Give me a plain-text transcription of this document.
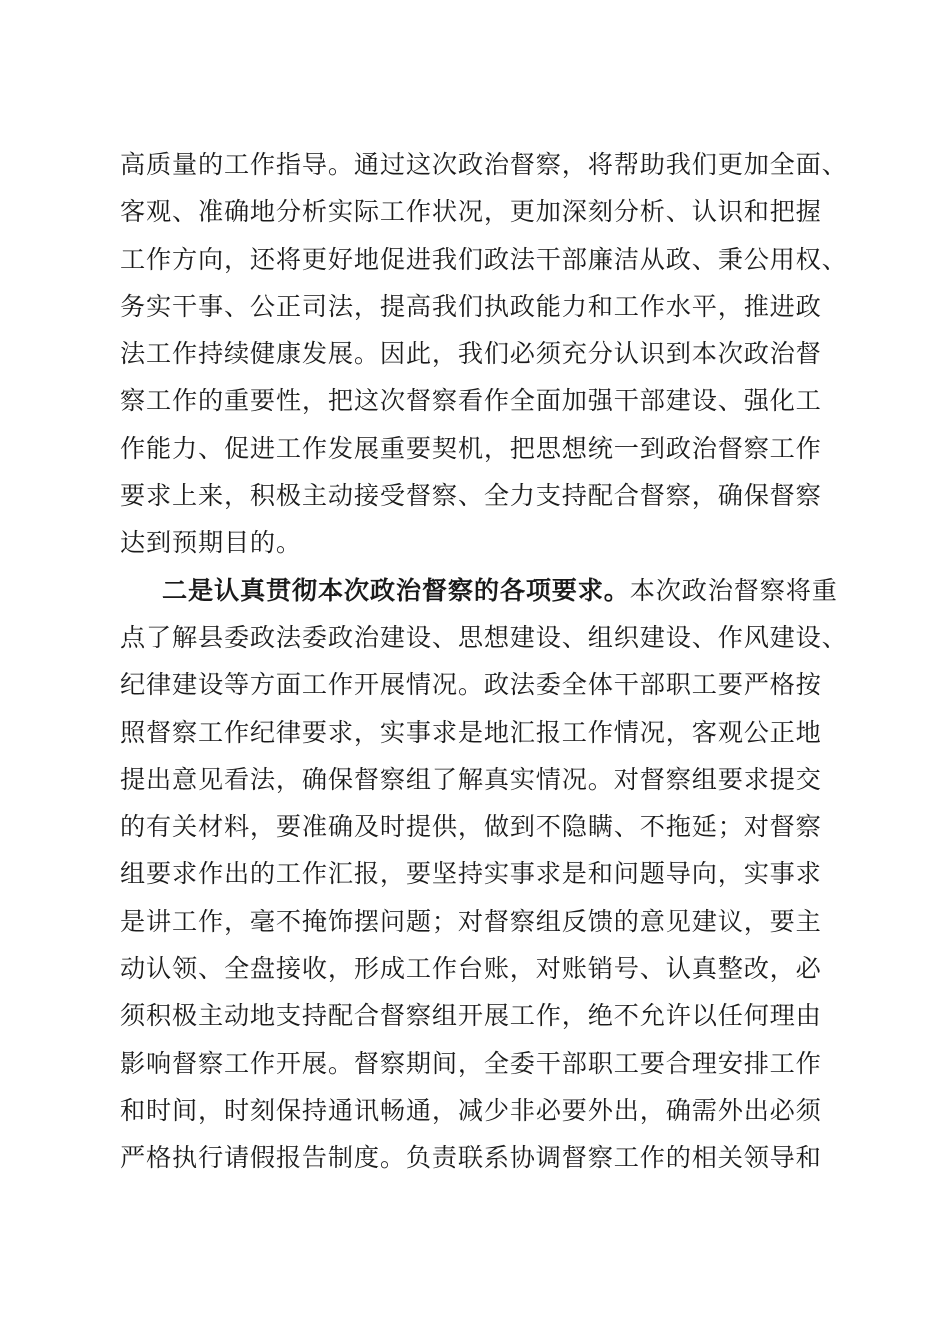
高质量的工作指导。通过这次政治督察，将帮助我们更加全面、
客观、准确地分析实际工作状况，更加深刻分析、认识和把握
工作方向，还将更好地促进我们政法干部廉洁从政、秉公用权、
务实干事、公正司法，提高我们执政能力和工作水平，推进政
法工作持续健康发展。因此，我们必须充分认识到本次政治督
察工作的重要性，把这次督察看作全面加强干部建设、强化工
作能力、促进工作发展重要契机，把思想统一到政治督察工作
要求上来，积极主动接受督察、全力支持配合督察，确保督察
达到预期目的。
二是认真贯彻本次政治督察的各项要求。本次政治督察将重
点了解县委政法委政治建设、思想建设、组织建设、作风建设、
纪律建设等方面工作开展情况。政法委全体干部职工要严格按
照督察工作纪律要求，实事求是地汇报工作情况，客观公正地
提出意见看法，确保督察组了解真实情况。对督察组要求提交
的有关材料，要准确及时提供，做到不隐瞒、不拖延；对督察
组要求作出的工作汇报，要坚持实事求是和问题导向，实事求
是讲工作，毫不掩饰摆问题；对督察组反馈的意见建议，要主
动认领、全盘接收，形成工作台账，对账销号、认真整改，必
须积极主动地支持配合督察组开展工作，绝不允许以任何理由
影响督察工作开展。督察期间，全委干部职工要合理安排工作
和时间，时刻保持通讯畅通，减少非必要外出，确需外出必须
严格执行请假报告制度。负责联系协调督察工作的相关领导和
